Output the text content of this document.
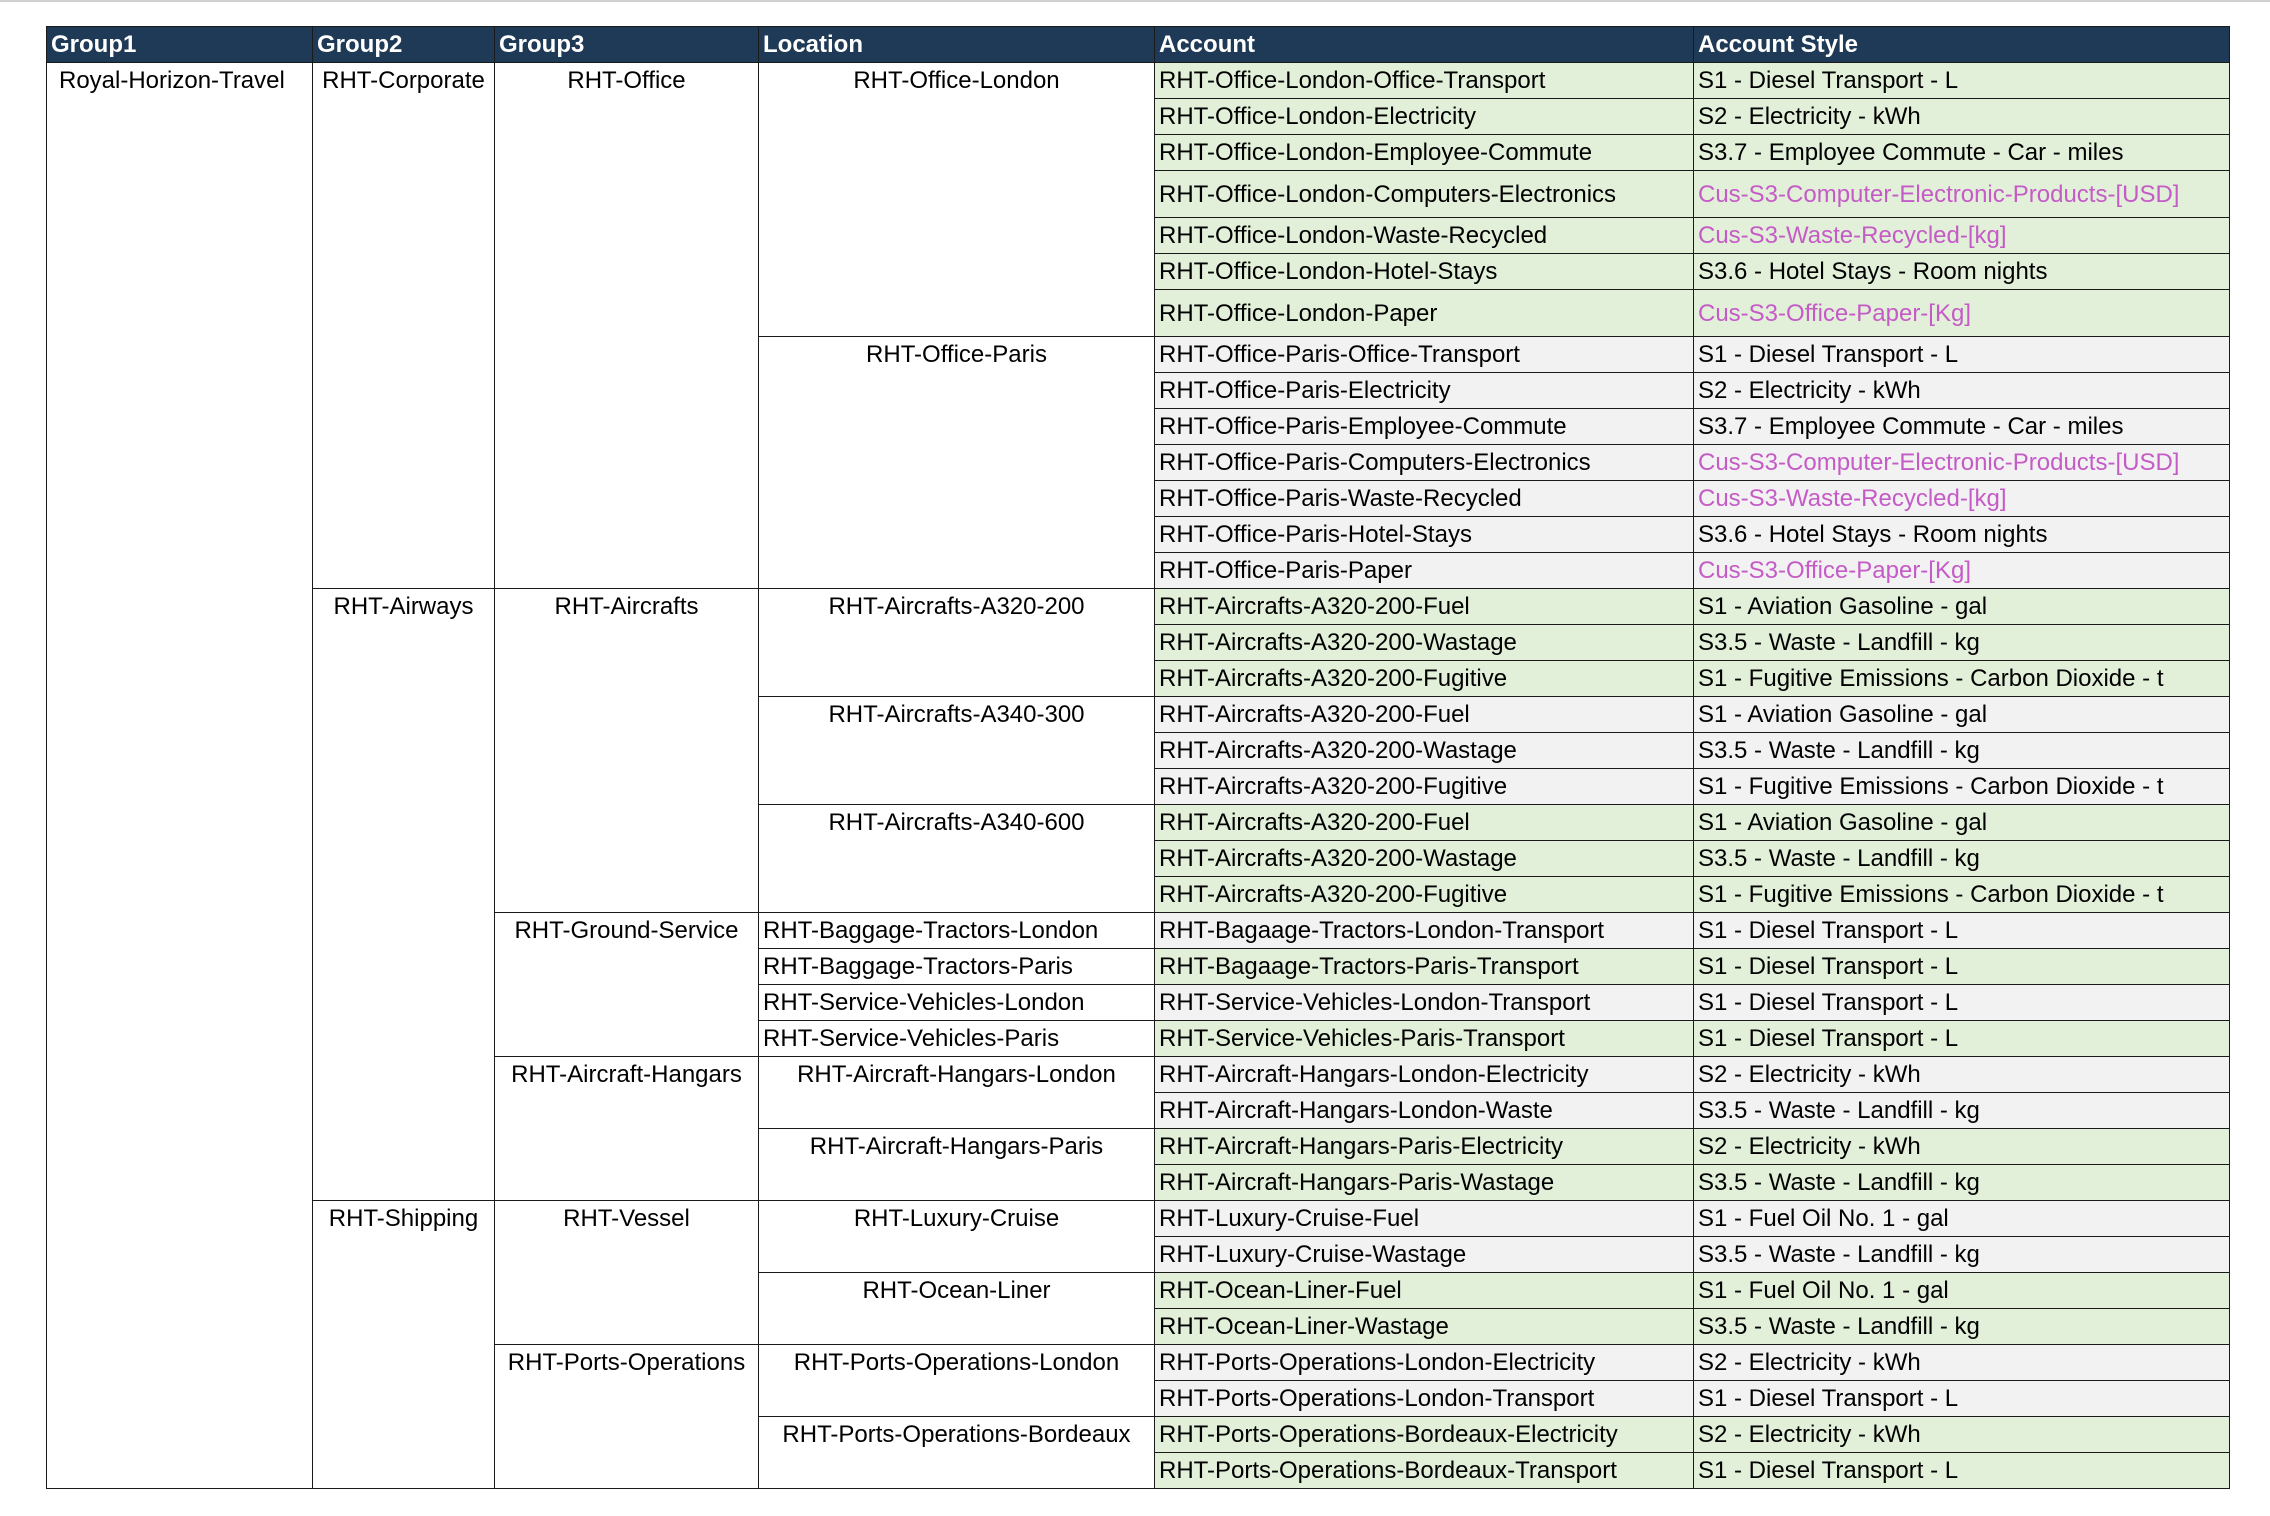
Group1	Group2	Group3	Location	Account	Account Style
Royal-Horizon-Travel	RHT-Corporate	RHT-Office	RHT-Office-London	RHT-Office-London-Office-Transport	S1 - Diesel Transport - L
				RHT-Office-London-Electricity	S2 - Electricity - kWh
				RHT-Office-London-Employee-Commute	S3.7 - Employee Commute - Car - miles
				RHT-Office-London-Computers-Electronics	Cus-S3-Computer-Electronic-Products-[USD]
				RHT-Office-London-Waste-Recycled	Cus-S3-Waste-Recycled-[kg]
				RHT-Office-London-Hotel-Stays	S3.6 - Hotel Stays - Room nights
				RHT-Office-London-Paper	Cus-S3-Office-Paper-[Kg]
			RHT-Office-Paris	RHT-Office-Paris-Office-Transport	S1 - Diesel Transport - L
				RHT-Office-Paris-Electricity	S2 - Electricity - kWh
				RHT-Office-Paris-Employee-Commute	S3.7 - Employee Commute - Car - miles
				RHT-Office-Paris-Computers-Electronics	Cus-S3-Computer-Electronic-Products-[USD]
				RHT-Office-Paris-Waste-Recycled	Cus-S3-Waste-Recycled-[kg]
				RHT-Office-Paris-Hotel-Stays	S3.6 - Hotel Stays - Room nights
				RHT-Office-Paris-Paper	Cus-S3-Office-Paper-[Kg]
	RHT-Airways	RHT-Aircrafts	RHT-Aircrafts-A320-200	RHT-Aircrafts-A320-200-Fuel	S1 - Aviation Gasoline - gal
				RHT-Aircrafts-A320-200-Wastage	S3.5 - Waste - Landfill - kg
				RHT-Aircrafts-A320-200-Fugitive	S1 - Fugitive Emissions - Carbon Dioxide - t
			RHT-Aircrafts-A340-300	RHT-Aircrafts-A320-200-Fuel	S1 - Aviation Gasoline - gal
				RHT-Aircrafts-A320-200-Wastage	S3.5 - Waste - Landfill - kg
				RHT-Aircrafts-A320-200-Fugitive	S1 - Fugitive Emissions - Carbon Dioxide - t
			RHT-Aircrafts-A340-600	RHT-Aircrafts-A320-200-Fuel	S1 - Aviation Gasoline - gal
				RHT-Aircrafts-A320-200-Wastage	S3.5 - Waste - Landfill - kg
				RHT-Aircrafts-A320-200-Fugitive	S1 - Fugitive Emissions - Carbon Dioxide - t
		RHT-Ground-Service	RHT-Baggage-Tractors-London	RHT-Bagaage-Tractors-London-Transport	S1 - Diesel Transport - L
			RHT-Baggage-Tractors-Paris	RHT-Bagaage-Tractors-Paris-Transport	S1 - Diesel Transport - L
			RHT-Service-Vehicles-London	RHT-Service-Vehicles-London-Transport	S1 - Diesel Transport - L
			RHT-Service-Vehicles-Paris	RHT-Service-Vehicles-Paris-Transport	S1 - Diesel Transport - L
		RHT-Aircraft-Hangars	RHT-Aircraft-Hangars-London	RHT-Aircraft-Hangars-London-Electricity	S2 - Electricity - kWh
				RHT-Aircraft-Hangars-London-Waste	S3.5 - Waste - Landfill - kg
			RHT-Aircraft-Hangars-Paris	RHT-Aircraft-Hangars-Paris-Electricity	S2 - Electricity - kWh
				RHT-Aircraft-Hangars-Paris-Wastage	S3.5 - Waste - Landfill - kg
	RHT-Shipping	RHT-Vessel	RHT-Luxury-Cruise	RHT-Luxury-Cruise-Fuel	S1 - Fuel Oil No. 1 - gal
				RHT-Luxury-Cruise-Wastage	S3.5 - Waste - Landfill - kg
			RHT-Ocean-Liner	RHT-Ocean-Liner-Fuel	S1 - Fuel Oil No. 1 - gal
				RHT-Ocean-Liner-Wastage	S3.5 - Waste - Landfill - kg
		RHT-Ports-Operations	RHT-Ports-Operations-London	RHT-Ports-Operations-London-Electricity	S2 - Electricity - kWh
				RHT-Ports-Operations-London-Transport	S1 - Diesel Transport - L
			RHT-Ports-Operations-Bordeaux	RHT-Ports-Operations-Bordeaux-Electricity	S2 - Electricity - kWh
				RHT-Ports-Operations-Bordeaux-Transport	S1 - Diesel Transport - L
